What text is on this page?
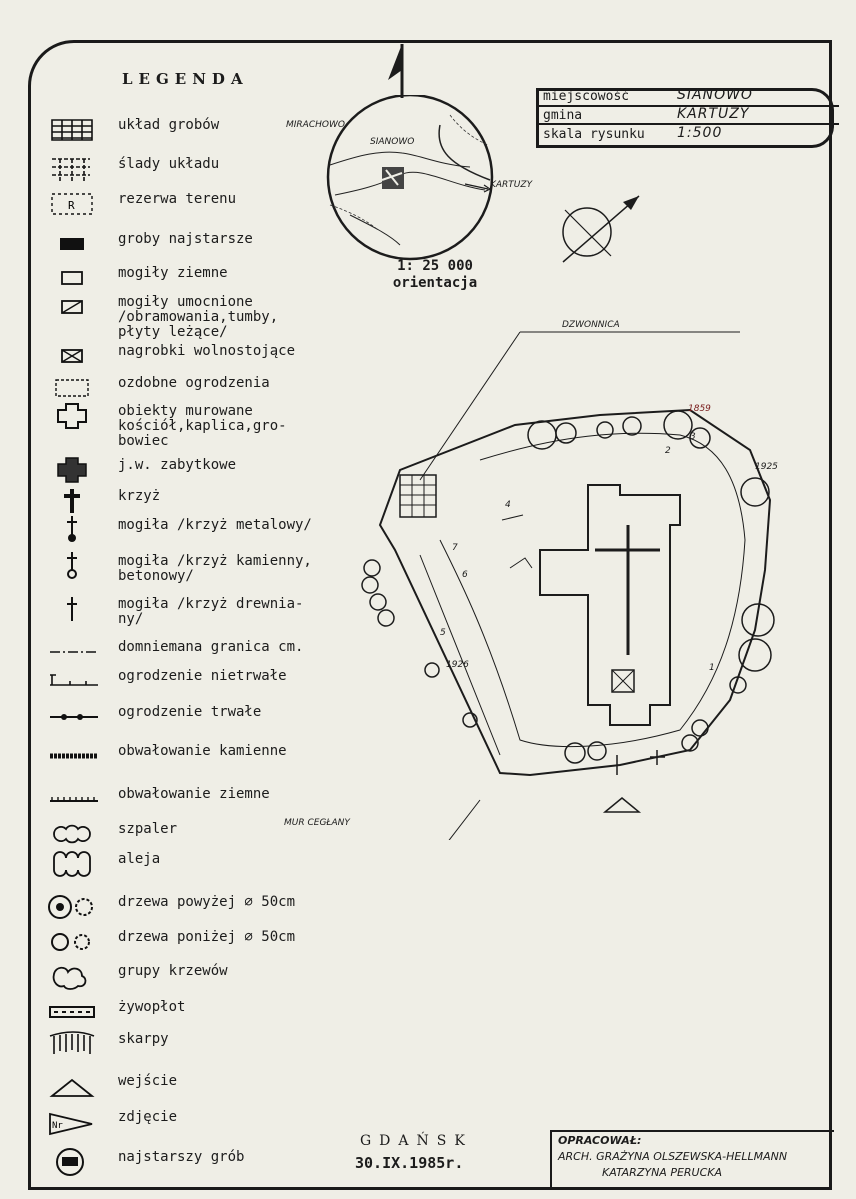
LEGENDA
układ grobów
ślady układu
R	rezerwa terenu
groby najstarsze
mogiły ziemne
mogiły umocnione
/obramowania,tumby,
płyty leżące/
nagrobki wolnostojące
ozdobne ogrodzenia
obiekty murowane
kościół,kaplica,gro-
bowiec
j.w. zabytkowe
krzyż
mogiła /krzyż metalowy/
mogiła /krzyż kamienny,
betonowy/
mogiła /krzyż drewnia-
ny/
domniemana granica cm.
ogrodzenie nietrwałe
ogrodzenie trwałe
obwałowanie kamienne
obwałowanie ziemne
szpaler
aleja
drzewa powyżej ∅ 50cm
drzewa poniżej ∅ 50cm
grupy krzewów
żywopłot
skarpy
wejście
Nr
zdjęcie
najstarszy grób
miejscowość	SIANOWO
gmina	KARTUZY
skala rysunku 1:500
MIRACHOWO
SIANOWO
KARTUZY
1: 25 000
orientacja
DZWONNICA
MUR CEGŁANY
1859
1926
1925
1
2
3
4
5
6
7
GDAŃSK
30.IX.1985r.
OPRACOWAŁ:
ARCH. GRAŻYNA OLSZEWSKA-HELLMANN
KATARZYNA PERUCKA
